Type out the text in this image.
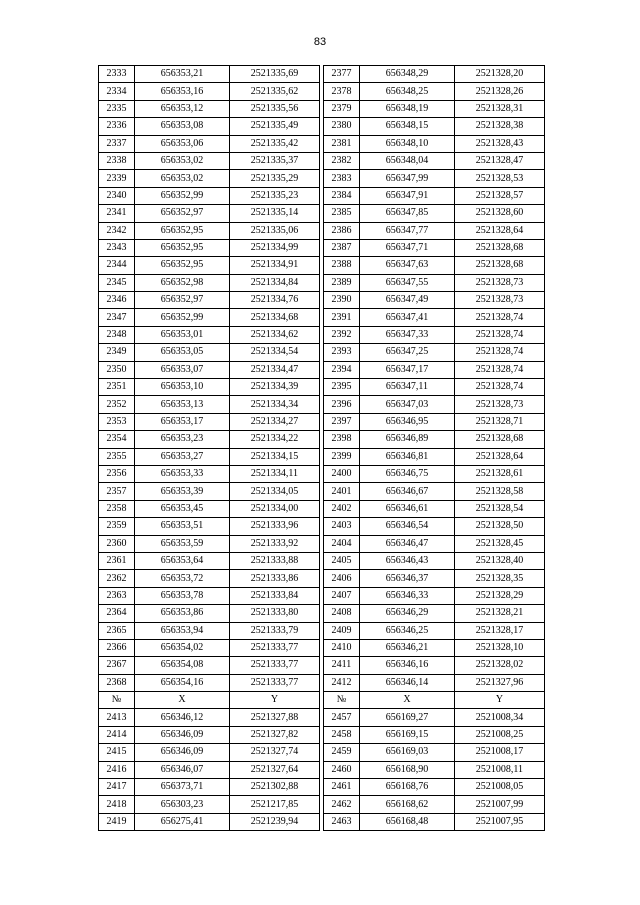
83
2333	656353,21	2521335,69		2377	656348,29	2521328,20
2334	656353,16	2521335,62		2378	656348,25	2521328,26
2335	656353,12	2521335,56		2379	656348,19	2521328,31
2336	656353,08	2521335,49		2380	656348,15	2521328,38
2337	656353,06	2521335,42		2381	656348,10	2521328,43
2338	656353,02	2521335,37		2382	656348,04	2521328,47
2339	656353,02	2521335,29		2383	656347,99	2521328,53
2340	656352,99	2521335,23		2384	656347,91	2521328,57
2341	656352,97	2521335,14		2385	656347,85	2521328,60
2342	656352,95	2521335,06		2386	656347,77	2521328,64
2343	656352,95	2521334,99		2387	656347,71	2521328,68
2344	656352,95	2521334,91		2388	656347,63	2521328,68
2345	656352,98	2521334,84		2389	656347,55	2521328,73
2346	656352,97	2521334,76		2390	656347,49	2521328,73
2347	656352,99	2521334,68		2391	656347,41	2521328,74
2348	656353,01	2521334,62		2392	656347,33	2521328,74
2349	656353,05	2521334,54		2393	656347,25	2521328,74
2350	656353,07	2521334,47		2394	656347,17	2521328,74
2351	656353,10	2521334,39		2395	656347,11	2521328,74
2352	656353,13	2521334,34		2396	656347,03	2521328,73
2353	656353,17	2521334,27		2397	656346,95	2521328,71
2354	656353,23	2521334,22		2398	656346,89	2521328,68
2355	656353,27	2521334,15		2399	656346,81	2521328,64
2356	656353,33	2521334,11		2400	656346,75	2521328,61
2357	656353,39	2521334,05		2401	656346,67	2521328,58
2358	656353,45	2521334,00		2402	656346,61	2521328,54
2359	656353,51	2521333,96		2403	656346,54	2521328,50
2360	656353,59	2521333,92		2404	656346,47	2521328,45
2361	656353,64	2521333,88		2405	656346,43	2521328,40
2362	656353,72	2521333,86		2406	656346,37	2521328,35
2363	656353,78	2521333,84		2407	656346,33	2521328,29
2364	656353,86	2521333,80		2408	656346,29	2521328,21
2365	656353,94	2521333,79		2409	656346,25	2521328,17
2366	656354,02	2521333,77		2410	656346,21	2521328,10
2367	656354,08	2521333,77		2411	656346,16	2521328,02
2368	656354,16	2521333,77		2412	656346,14	2521327,96
№	X	Y		№	X	Y
2413	656346,12	2521327,88		2457	656169,27	2521008,34
2414	656346,09	2521327,82		2458	656169,15	2521008,25
2415	656346,09	2521327,74		2459	656169,03	2521008,17
2416	656346,07	2521327,64		2460	656168,90	2521008,11
2417	656373,71	2521302,88		2461	656168,76	2521008,05
2418	656303,23	2521217,85		2462	656168,62	2521007,99
2419	656275,41	2521239,94		2463	656168,48	2521007,95
